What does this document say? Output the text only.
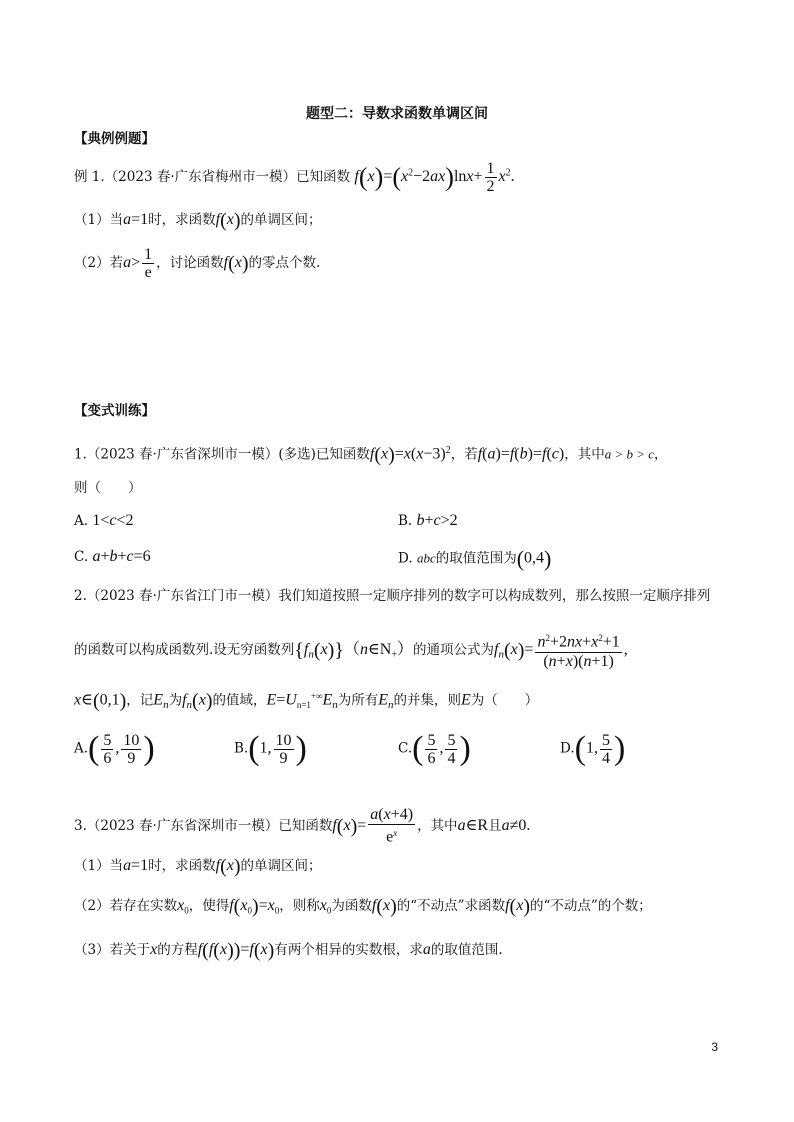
题型二：导数求函数单调区间
【典例例题】
例 1.（2023 春·广东省梅州市一模）已知函数 $f(x)=(x^2-2ax)\ln x+ \frac{1}{2} x^2$.
（1）当a=1时，求函数f(x)的单调区间；
（2）若$a> \frac{1}{e}$ ，讨论函数f(x)的零点个数.
【变式训练】
1.（2023 春·广东省深圳市一模）(多选)已知函数$f(x)=x(x-3)^2$，若f(a)=f(b)=f(c)，其中a > b > c，
则（　　）
A. 1<c<2	B. b+c>2
C. a+b+c=6	D. abc的取值范围为(0,4)
2.（2023 春·广东省江门市一模）我们知道按照一定顺序排列的数字可以构成数列，那么按照一定顺序排列
的函数可以构成函数列.设无穷函数列$\{f_n(x)\}(n\in N_+)$的通项公式为$f_n(x)= \frac{n^2+2nx+x^2+1}{(n+x)(n+1)}$ ,
x∈(0,1)，记$E_n$为$f_n(x)$的值域，$E=U_{n=1}^{+\infty}E_n$为所有$E_n$的并集，则E为（　　）
$A.( \frac{5}{6}$ , $\frac{10}{9}$ )	B.(1, $\frac{10}{9}$ )	$C.( \frac{5}{6}$ , $\frac{5}{4}$ )	D.(1, $\frac{5}{4}$ )
3.（2023 春·广东省深圳市一模）已知函数$f(x)= \frac{a(x+4)}{e^x}$ ，其中a∈R且a≠0.
（1）当a=1时，求函数f(x)的单调区间；
（2）若存在实数$x_0$，使得$f(x_0)=x_0$，则称$x_0$为函数f(x)的“不动点”求函数f(x)的“不动点”的个数；
（3）若关于x的方程f(f(x))=f(x)有两个相异的实数根，求a的取值范围.
3
